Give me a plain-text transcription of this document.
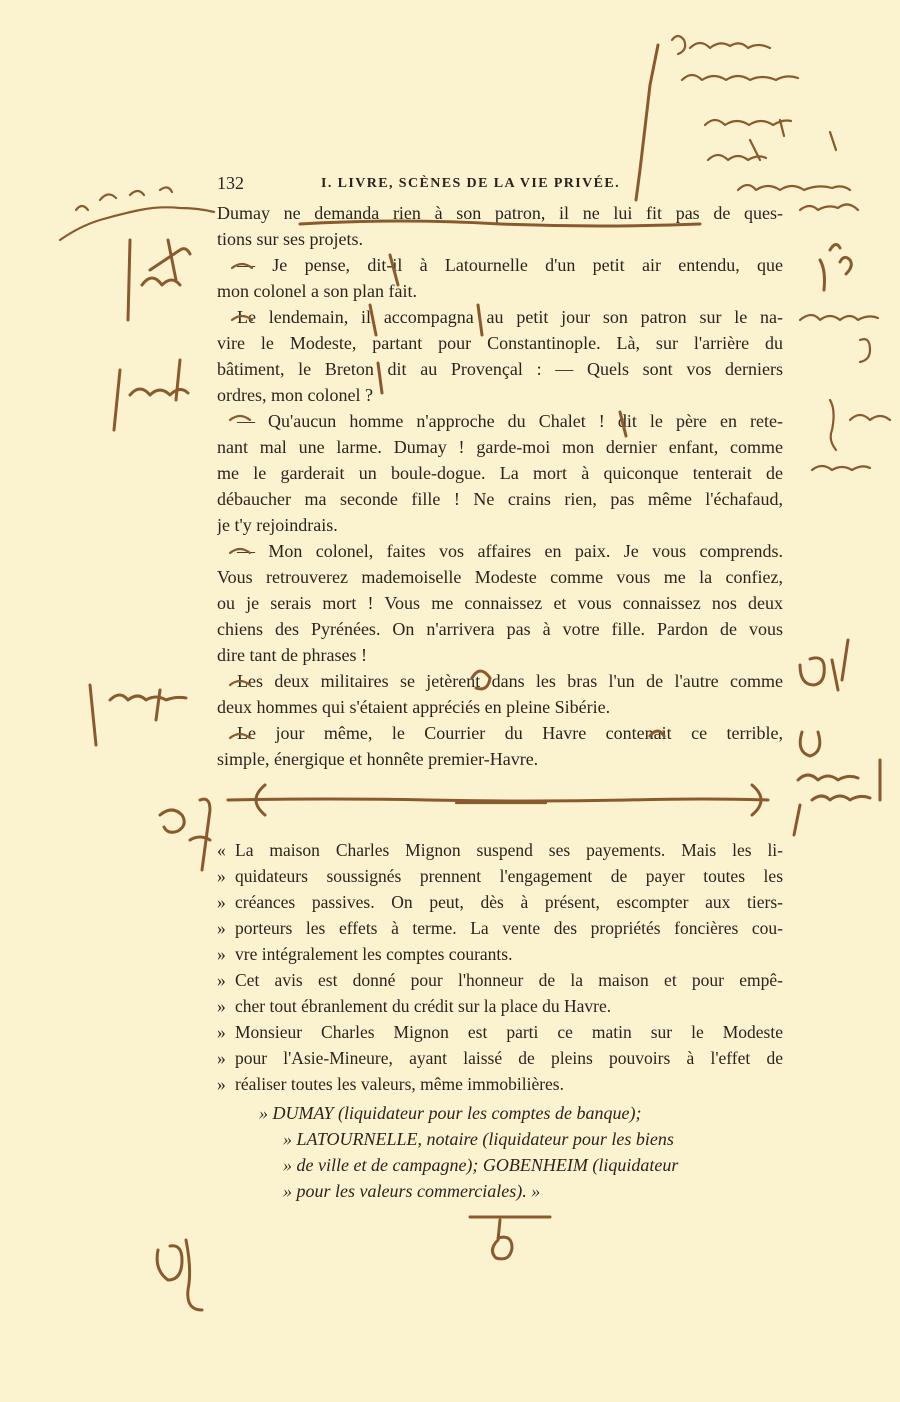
132	I. LIVRE, SCÈNES DE LA VIE PRIVÉE.
Dumay ne demanda rien à son patron, il ne lui fit pas de ques-
tions sur ses projets.
— Je pense, dit-il à Latournelle d'un petit air entendu, que
mon colonel a son plan fait.
Le lendemain, il accompagna au petit jour son patron sur le na-
vire le Modeste, partant pour Constantinople. Là, sur l'arrière du
bâtiment, le Breton dit au Provençal : — Quels sont vos derniers
ordres, mon colonel ?
— Qu'aucun homme n'approche du Chalet ! dit le père en rete-
nant mal une larme. Dumay ! garde-moi mon dernier enfant, comme
me le garderait un boule-dogue. La mort à quiconque tenterait de
débaucher ma seconde fille ! Ne crains rien, pas même l'échafaud,
je t'y rejoindrais.
— Mon colonel, faites vos affaires en paix. Je vous comprends.
Vous retrouverez mademoiselle Modeste comme vous me la confiez,
ou je serais mort ! Vous me connaissez et vous connaissez nos deux
chiens des Pyrénées. On n'arrivera pas à votre fille. Pardon de vous
dire tant de phrases !
Les deux militaires se jetèrent dans les bras l'un de l'autre comme
deux hommes qui s'étaient appréciés en pleine Sibérie.
Le jour même, le Courrier du Havre contenait ce terrible,
simple, énergique et honnête premier-Havre.
« La maison Charles Mignon suspend ses payements. Mais les li-
» quidateurs soussignés prennent l'engagement de payer toutes les
» créances passives. On peut, dès à présent, escompter aux tiers-
» porteurs les effets à terme. La vente des propriétés foncières cou-
» vre intégralement les comptes courants.
» Cet avis est donné pour l'honneur de la maison et pour empê-
» cher tout ébranlement du crédit sur la place du Havre.
» Monsieur Charles Mignon est parti ce matin sur le Modeste
» pour l'Asie-Mineure, ayant laissé de pleins pouvoirs à l'effet de
» réaliser toutes les valeurs, même immobilières.
» DUMAY (liquidateur pour les comptes de banque);
» LATOURNELLE, notaire (liquidateur pour les biens
» de ville et de campagne); GOBENHEIM (liquidateur
» pour les valeurs commerciales). »
